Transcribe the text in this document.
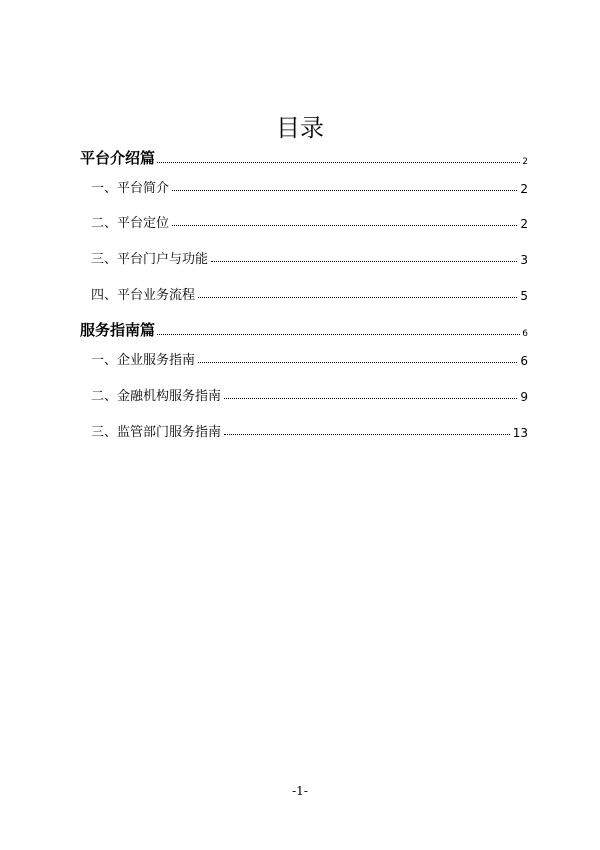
目录
平台介绍篇	2
一、平台简介	2
二、平台定位	2
三、平台门户与功能	3
四、平台业务流程	5
服务指南篇	6
一、企业服务指南	6
二、金融机构服务指南	9
三、监管部门服务指南	13
-1-
